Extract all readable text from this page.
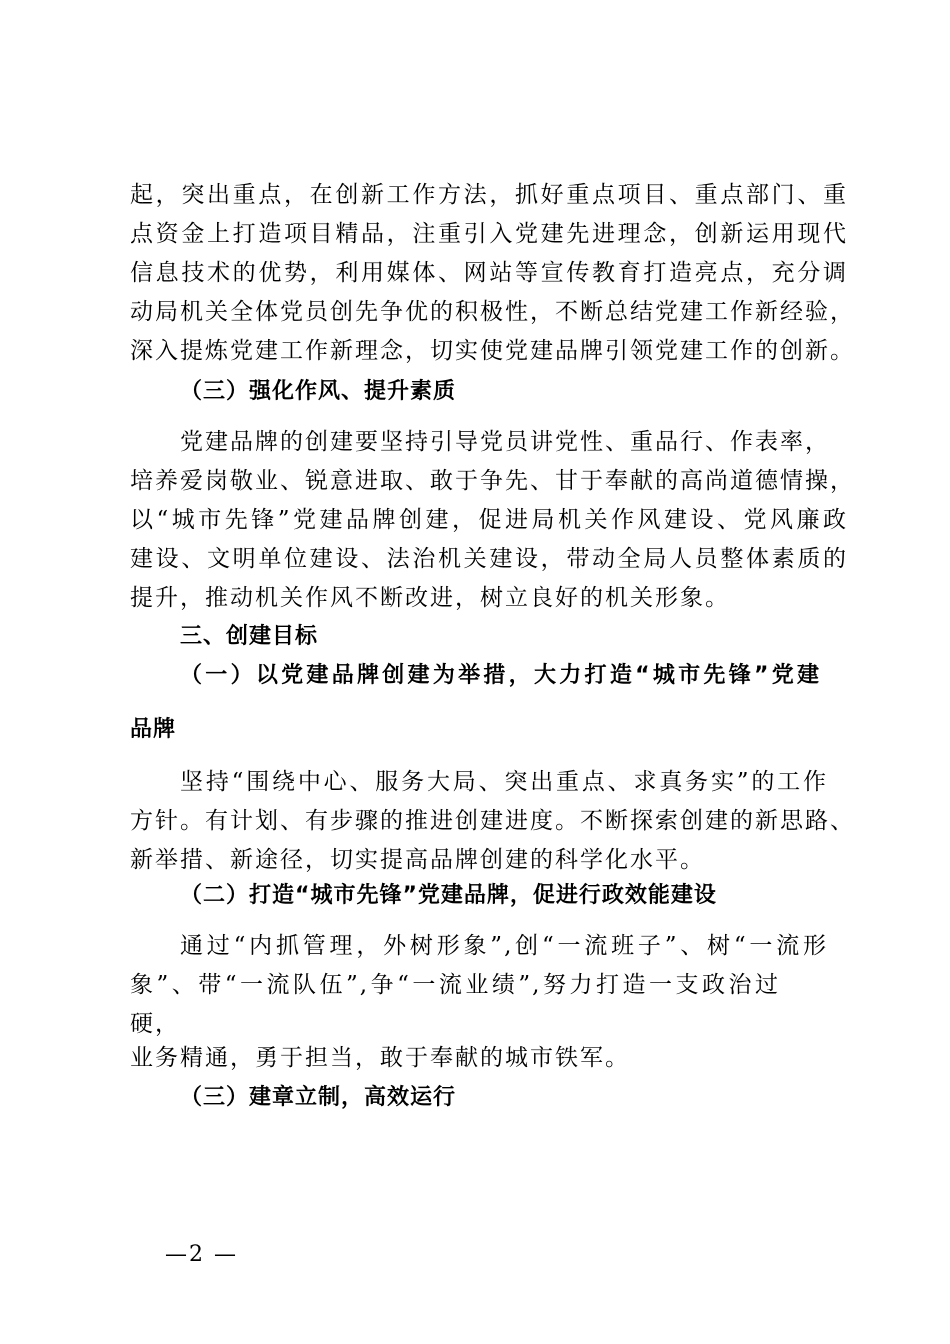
起，突出重点，在创新工作方法，抓好重点项目、重点部门、重
点资金上打造项目精品，注重引入党建先进理念，创新运用现代
信息技术的优势，利用媒体、网站等宣传教育打造亮点，充分调
动局机关全体党员创先争优的积极性，不断总结党建工作新经验，
深入提炼党建工作新理念，切实使党建品牌引领党建工作的创新。
（三）强化作风、提升素质
党建品牌的创建要坚持引导党员讲党性、重品行、作表率，
培养爱岗敬业、锐意进取、敢于争先、甘于奉献的高尚道德情操，
以“城市先锋”党建品牌创建，促进局机关作风建设、党风廉政
建设、文明单位建设、法治机关建设，带动全局人员整体素质的
提升，推动机关作风不断改进，树立良好的机关形象。
三、创建目标
（一）以党建品牌创建为举措，大力打造“城市先锋”党建
品牌
坚持“围绕中心、服务大局、突出重点、求真务实”的工作
方针。有计划、有步骤的推进创建进度。不断探索创建的新思路、
新举措、新途径，切实提高品牌创建的科学化水平。
（二）打造“城市先锋”党建品牌，促进行政效能建设
通过“内抓管理，外树形象”,创“一流班子”、树“一流形
象”、带“一流队伍”,争“一流业绩”,努力打造一支政治过
硬，
业务精通，勇于担当，敢于奉献的城市铁军。
（三）建章立制，高效运行
—2 —
